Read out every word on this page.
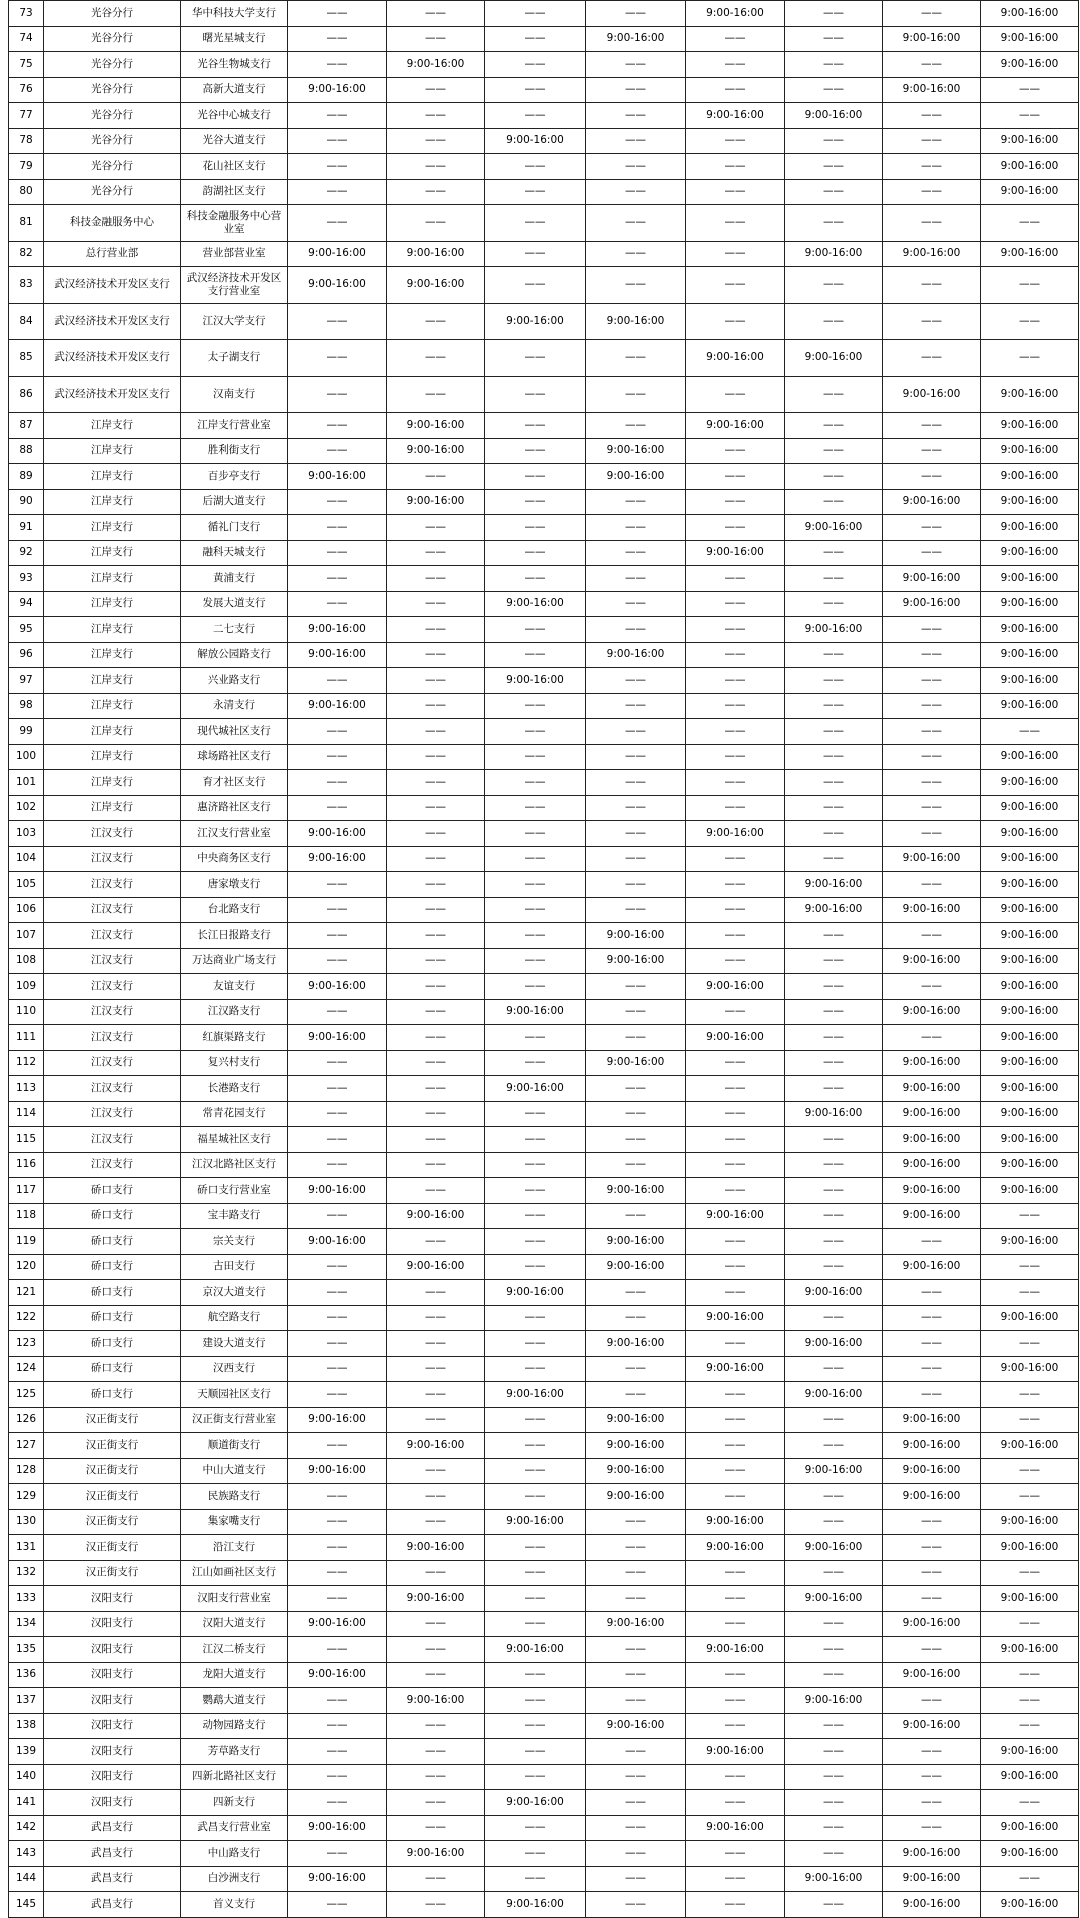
73	光谷分行	华中科技大学支行	——	——	——	——	9:00-16:00	——	——	9:00-16:00
74	光谷分行	曙光星城支行	——	——	——	9:00-16:00	——	——	9:00-16:00	9:00-16:00
75	光谷分行	光谷生物城支行	——	9:00-16:00	——	——	——	——	——	9:00-16:00
76	光谷分行	高新大道支行	9:00-16:00	——	——	——	——	——	9:00-16:00	——
77	光谷分行	光谷中心城支行	——	——	——	——	9:00-16:00	9:00-16:00	——	——
78	光谷分行	光谷大道支行	——	——	9:00-16:00	——	——	——	——	9:00-16:00
79	光谷分行	花山社区支行	——	——	——	——	——	——	——	9:00-16:00
80	光谷分行	韵湖社区支行	——	——	——	——	——	——	——	9:00-16:00
81	科技金融服务中心	科技金融服务中心营业室	——	——	——	——	——	——	——	——
82	总行营业部	营业部营业室	9:00-16:00	9:00-16:00	——	——	——	9:00-16:00	9:00-16:00	9:00-16:00
83	武汉经济技术开发区支行	武汉经济技术开发区支行营业室	9:00-16:00	9:00-16:00	——	——	——	——	——	——
84	武汉经济技术开发区支行	江汉大学支行	——	——	9:00-16:00	9:00-16:00	——	——	——	——
85	武汉经济技术开发区支行	太子湖支行	——	——	——	——	9:00-16:00	9:00-16:00	——	——
86	武汉经济技术开发区支行	汉南支行	——	——	——	——	——	——	9:00-16:00	9:00-16:00
87	江岸支行	江岸支行营业室	——	9:00-16:00	——	——	9:00-16:00	——	——	9:00-16:00
88	江岸支行	胜利街支行	——	9:00-16:00	——	9:00-16:00	——	——	——	9:00-16:00
89	江岸支行	百步亭支行	9:00-16:00	——	——	9:00-16:00	——	——	——	9:00-16:00
90	江岸支行	后湖大道支行	——	9:00-16:00	——	——	——	——	9:00-16:00	9:00-16:00
91	江岸支行	循礼门支行	——	——	——	——	——	9:00-16:00	——	9:00-16:00
92	江岸支行	融科天城支行	——	——	——	——	9:00-16:00	——	——	9:00-16:00
93	江岸支行	黄浦支行	——	——	——	——	——	——	9:00-16:00	9:00-16:00
94	江岸支行	发展大道支行	——	——	9:00-16:00	——	——	——	9:00-16:00	9:00-16:00
95	江岸支行	二七支行	9:00-16:00	——	——	——	——	9:00-16:00	——	9:00-16:00
96	江岸支行	解放公园路支行	9:00-16:00	——	——	9:00-16:00	——	——	——	9:00-16:00
97	江岸支行	兴业路支行	——	——	9:00-16:00	——	——	——	——	9:00-16:00
98	江岸支行	永清支行	9:00-16:00	——	——	——	——	——	——	9:00-16:00
99	江岸支行	现代城社区支行	——	——	——	——	——	——	——	——
100	江岸支行	球场路社区支行	——	——	——	——	——	——	——	9:00-16:00
101	江岸支行	育才社区支行	——	——	——	——	——	——	——	9:00-16:00
102	江岸支行	惠济路社区支行	——	——	——	——	——	——	——	9:00-16:00
103	江汉支行	江汉支行营业室	9:00-16:00	——	——	——	9:00-16:00	——	——	9:00-16:00
104	江汉支行	中央商务区支行	9:00-16:00	——	——	——	——	——	9:00-16:00	9:00-16:00
105	江汉支行	唐家墩支行	——	——	——	——	——	9:00-16:00	——	9:00-16:00
106	江汉支行	台北路支行	——	——	——	——	——	9:00-16:00	9:00-16:00	9:00-16:00
107	江汉支行	长江日报路支行	——	——	——	9:00-16:00	——	——	——	9:00-16:00
108	江汉支行	万达商业广场支行	——	——	——	9:00-16:00	——	——	9:00-16:00	9:00-16:00
109	江汉支行	友谊支行	9:00-16:00	——	——	——	9:00-16:00	——	——	9:00-16:00
110	江汉支行	江汉路支行	——	——	9:00-16:00	——	——	——	9:00-16:00	9:00-16:00
111	江汉支行	红旗渠路支行	9:00-16:00	——	——	——	9:00-16:00	——	——	9:00-16:00
112	江汉支行	复兴村支行	——	——	——	9:00-16:00	——	——	9:00-16:00	9:00-16:00
113	江汉支行	长港路支行	——	——	9:00-16:00	——	——	——	9:00-16:00	9:00-16:00
114	江汉支行	常青花园支行	——	——	——	——	——	9:00-16:00	9:00-16:00	9:00-16:00
115	江汉支行	福星城社区支行	——	——	——	——	——	——	9:00-16:00	9:00-16:00
116	江汉支行	江汉北路社区支行	——	——	——	——	——	——	9:00-16:00	9:00-16:00
117	硚口支行	硚口支行营业室	9:00-16:00	——	——	9:00-16:00	——	——	9:00-16:00	9:00-16:00
118	硚口支行	宝丰路支行	——	9:00-16:00	——	——	9:00-16:00	——	9:00-16:00	——
119	硚口支行	宗关支行	9:00-16:00	——	——	9:00-16:00	——	——	——	9:00-16:00
120	硚口支行	古田支行	——	9:00-16:00	——	9:00-16:00	——	——	9:00-16:00	——
121	硚口支行	京汉大道支行	——	——	9:00-16:00	——	——	9:00-16:00	——	——
122	硚口支行	航空路支行	——	——	——	——	9:00-16:00	——	——	9:00-16:00
123	硚口支行	建设大道支行	——	——	——	9:00-16:00	——	9:00-16:00	——	——
124	硚口支行	汉西支行	——	——	——	——	9:00-16:00	——	——	9:00-16:00
125	硚口支行	天顺园社区支行	——	——	9:00-16:00	——	——	9:00-16:00	——	——
126	汉正街支行	汉正街支行营业室	9:00-16:00	——	——	9:00-16:00	——	——	9:00-16:00	——
127	汉正街支行	顺道街支行	——	9:00-16:00	——	9:00-16:00	——	——	9:00-16:00	9:00-16:00
128	汉正街支行	中山大道支行	9:00-16:00	——	——	9:00-16:00	——	9:00-16:00	9:00-16:00	——
129	汉正街支行	民族路支行	——	——	——	9:00-16:00	——	——	9:00-16:00	——
130	汉正街支行	集家嘴支行	——	——	9:00-16:00	——	9:00-16:00	——	——	9:00-16:00
131	汉正街支行	沿江支行	——	9:00-16:00	——	——	9:00-16:00	9:00-16:00	——	9:00-16:00
132	汉正街支行	江山如画社区支行	——	——	——	——	——	——	——	——
133	汉阳支行	汉阳支行营业室	——	9:00-16:00	——	——	——	9:00-16:00	——	9:00-16:00
134	汉阳支行	汉阳大道支行	9:00-16:00	——	——	9:00-16:00	——	——	9:00-16:00	——
135	汉阳支行	江汉二桥支行	——	——	9:00-16:00	——	9:00-16:00	——	——	9:00-16:00
136	汉阳支行	龙阳大道支行	9:00-16:00	——	——	——	——	——	9:00-16:00	——
137	汉阳支行	鹦鹉大道支行	——	9:00-16:00	——	——	——	9:00-16:00	——	——
138	汉阳支行	动物园路支行	——	——	——	9:00-16:00	——	——	9:00-16:00	——
139	汉阳支行	芳草路支行	——	——	——	——	9:00-16:00	——	——	9:00-16:00
140	汉阳支行	四新北路社区支行	——	——	——	——	——	——	——	9:00-16:00
141	汉阳支行	四新支行	——	——	9:00-16:00	——	——	——	——	——
142	武昌支行	武昌支行营业室	9:00-16:00	——	——	——	9:00-16:00	——	——	9:00-16:00
143	武昌支行	中山路支行	——	9:00-16:00	——	——	——	——	9:00-16:00	9:00-16:00
144	武昌支行	白沙洲支行	9:00-16:00	——	——	——	——	9:00-16:00	9:00-16:00	——
145	武昌支行	首义支行	——	——	9:00-16:00	——	——	——	9:00-16:00	9:00-16:00
